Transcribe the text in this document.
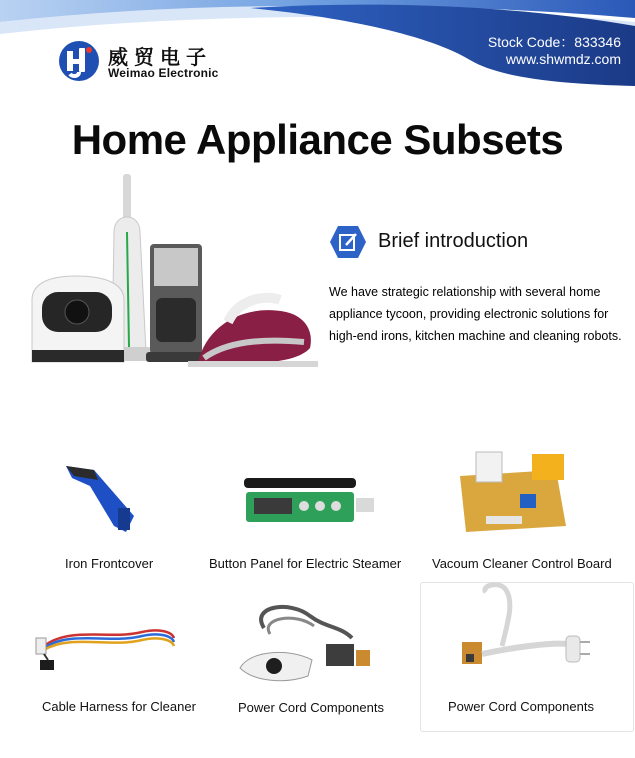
威贸电子
Weimao Electronic
Stock Code：833346
www.shwmdz.com
Home Appliance Subsets
Brief introduction

We have strategic relationship with several home appliance tycoon, providing electronic solutions for high-end irons, kitchen machine and cleaning robots.

Iron Frontcover	Button Panel for Electric Steamer Vacoum Cleaner Control Board
Cable Harness for Cleaner	Power Cord Components	Power Cord Components
